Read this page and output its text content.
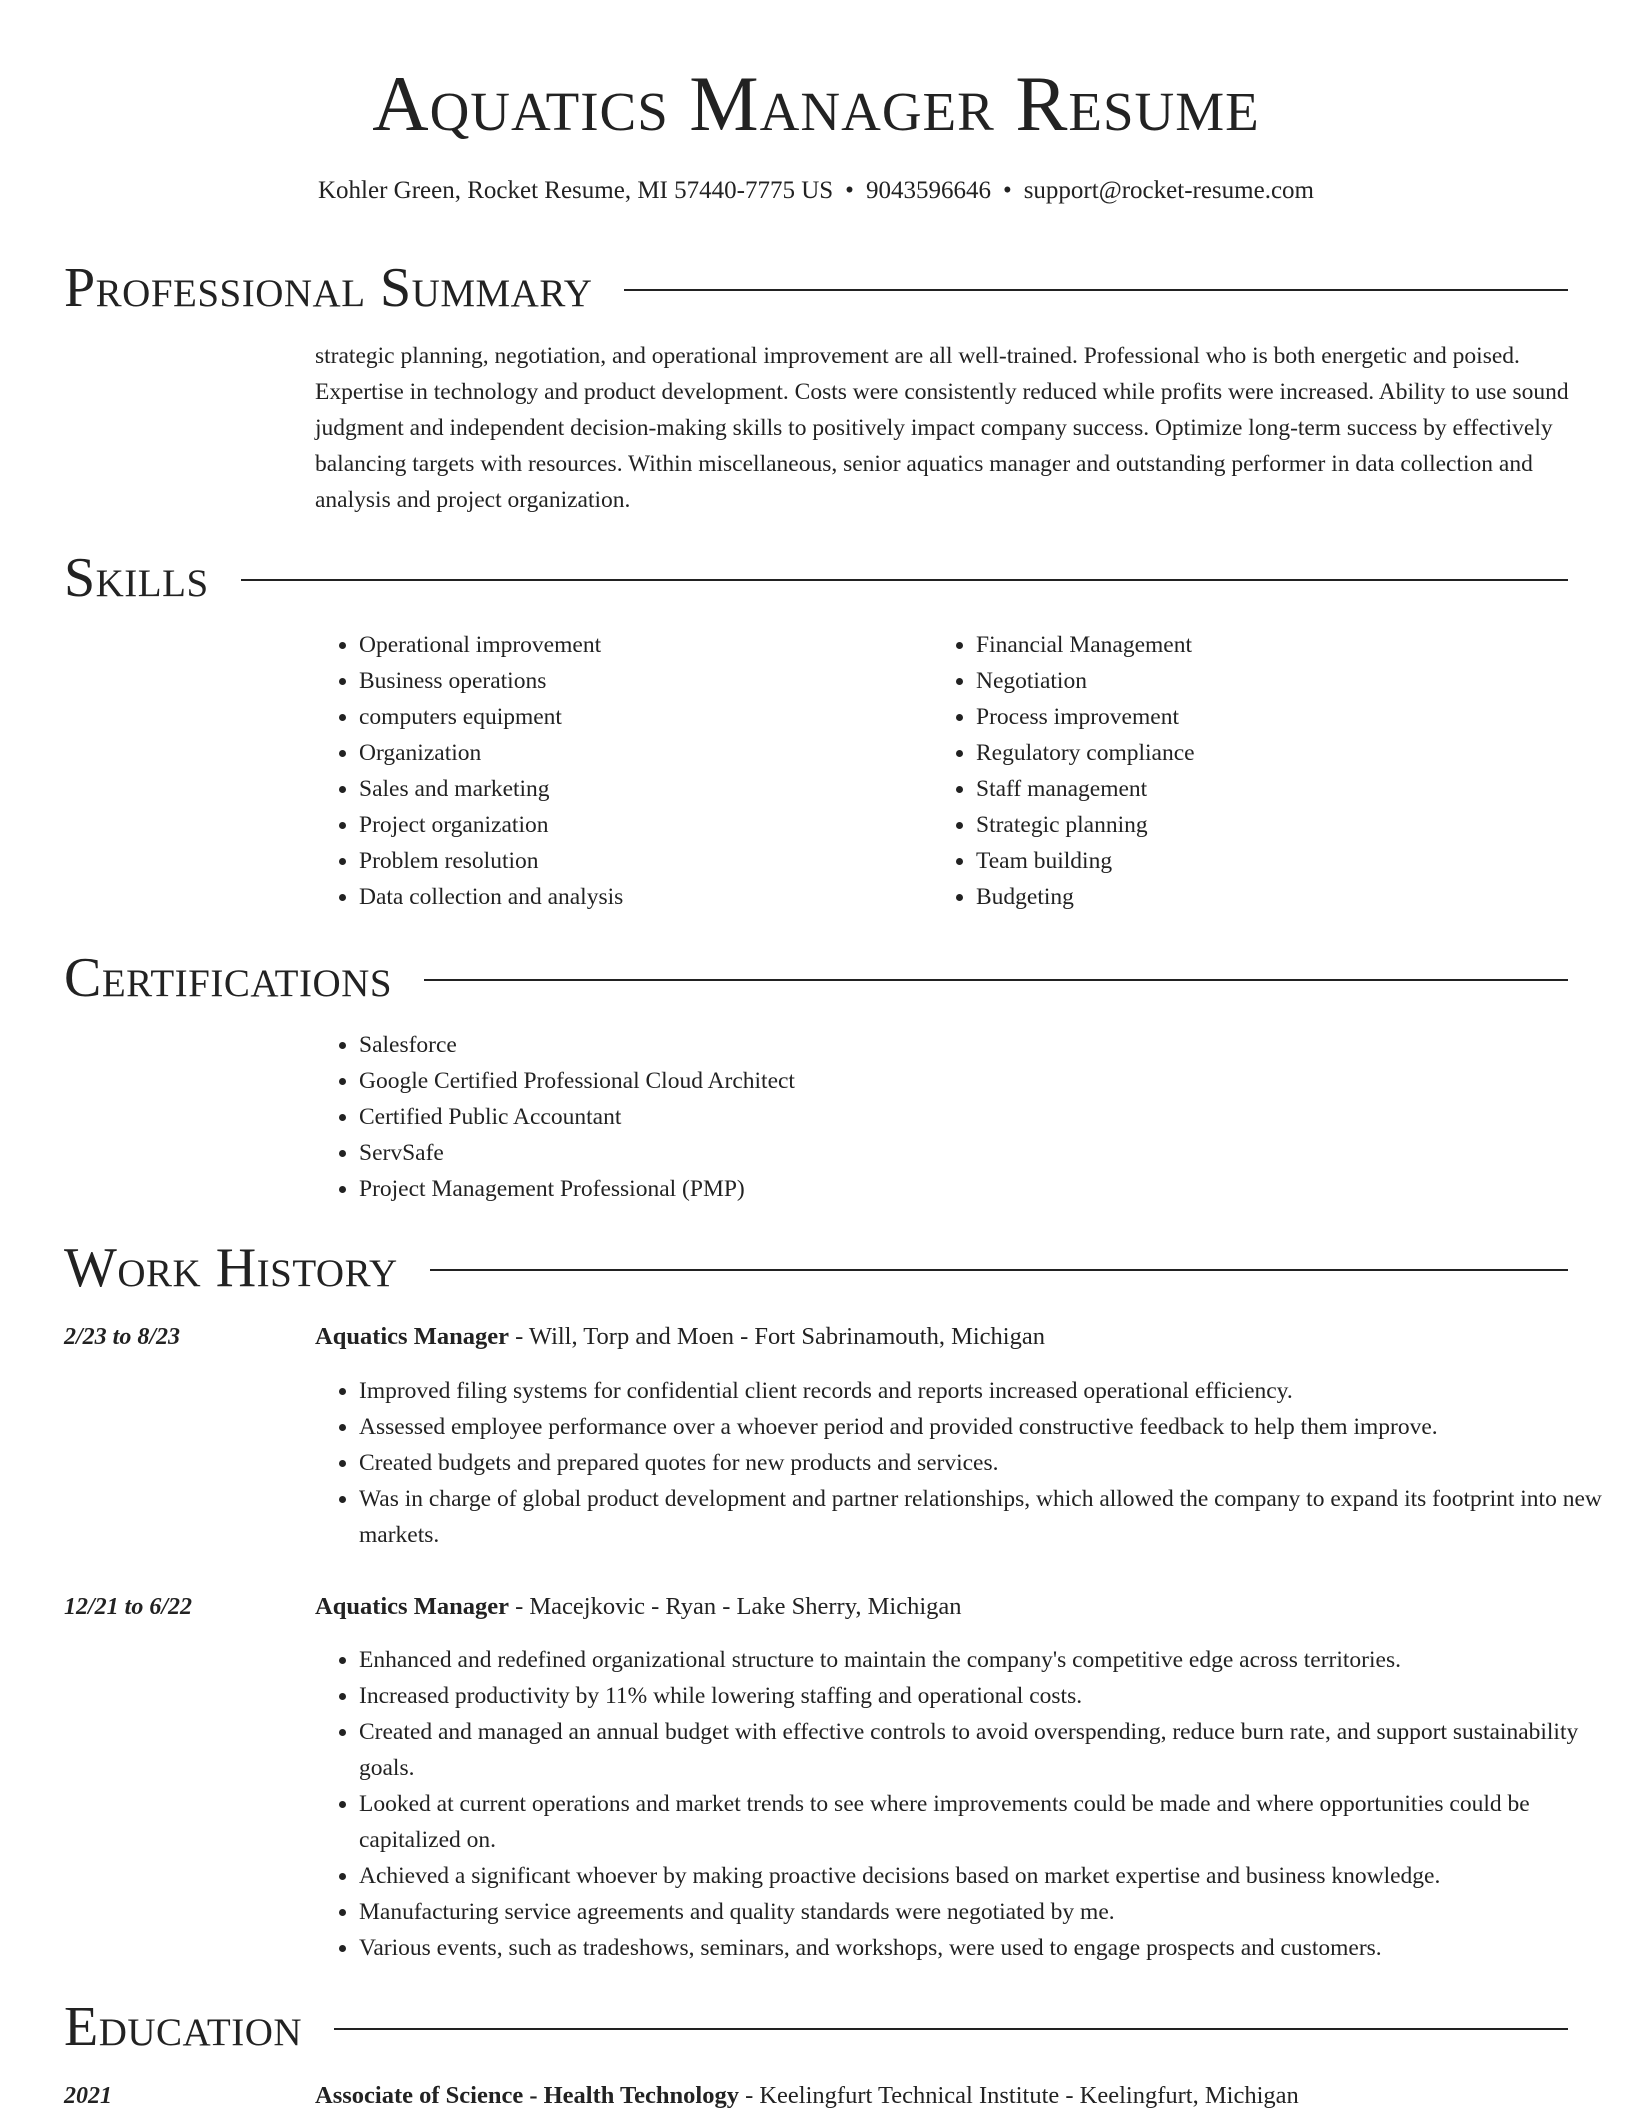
Aquatics Manager Resume
Kohler Green, Rocket Resume, MI 57440-7775 US • 9043596646 • support@rocket-resume.com
Professional Summary

strategic planning, negotiation, and operational improvement are all well-trained. Professional who is both energetic and poised. Expertise in technology and product development. Costs were consistently reduced while profits were increased. Ability to use sound judgment and independent decision-making skills to positively impact company success. Optimize long-term success by effectively balancing targets with resources. Within miscellaneous, senior aquatics manager and outstanding performer in data collection and analysis and project organization.

Skills
• Operational improvement
• Business operations
• computers equipment
• Organization
• Sales and marketing
• Project organization
• Problem resolution
• Data collection and analysis
• Financial Management
• Negotiation
• Process improvement
• Regulatory compliance
• Staff management
• Strategic planning
• Team building
• Budgeting
Certifications
• Salesforce
• Google Certified Professional Cloud Architect
• Certified Public Accountant
• ServSafe
• Project Management Professional (PMP)
Work History
2/23 to 8/23	Aquatics Manager - Will, Torp and Moen - Fort Sabrinamouth, Michigan
• Improved filing systems for confidential client records and reports increased operational efficiency.
• Assessed employee performance over a whoever period and provided constructive feedback to help them improve.
• Created budgets and prepared quotes for new products and services.
• Was in charge of global product development and partner relationships, which allowed the company to expand its footprint into new markets.
12/21 to 6/22	Aquatics Manager - Macejkovic - Ryan - Lake Sherry, Michigan
• Enhanced and redefined organizational structure to maintain the company's competitive edge across territories.
• Increased productivity by 11% while lowering staffing and operational costs.
• Created and managed an annual budget with effective controls to avoid overspending, reduce burn rate, and support sustainability goals.
• Looked at current operations and market trends to see where improvements could be made and where opportunities could be capitalized on.
• Achieved a significant whoever by making proactive decisions based on market expertise and business knowledge.
• Manufacturing service agreements and quality standards were negotiated by me.
• Various events, such as tradeshows, seminars, and workshops, were used to engage prospects and customers.
Education
2021	Associate of Science - Health Technology - Keelingfurt Technical Institute - Keelingfurt, Michigan
